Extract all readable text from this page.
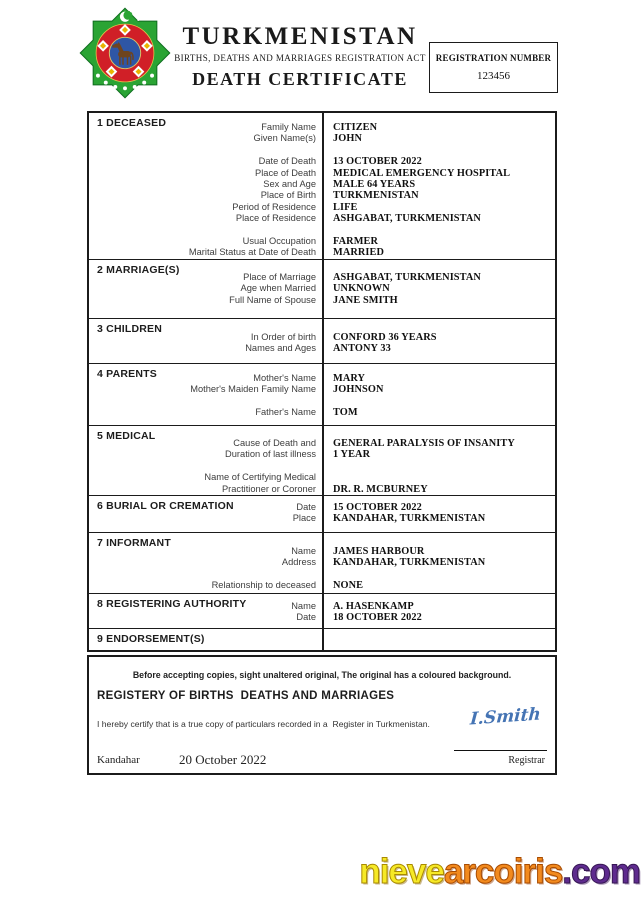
TURKMENISTAN
BIRTHS, DEATHS AND MARRIAGES REGISTRATION ACT
DEATH CERTIFICATE
REGISTRATION NUMBER
123456
1 DECEASED	Family Name	CITIZEN
Given Name(s)	JOHN
Date of Death	13 OCTOBER 2022
Place of Death	MEDICAL EMERGENCY HOSPITAL
Sex and Age	MALE 64 YEARS
Place of Birth	TURKMENISTAN
Period of Residence	LIFE
Place of Residence	ASHGABAT, TURKMENISTAN
Usual Occupation	FARMER
Marital Status at Date of Death	MARRIED
2 MARRIAGE(S)
Place of Marriage	ASHGABAT, TURKMENISTAN
Age when Married	UNKNOWN
Full Name of Spouse	JANE SMITH
3 CHILDREN
In Order of birth	CONFORD 36 YEARS
Names and Ages	ANTONY 33
4 PARENTS	Mother's Name	MARY
Mother's Maiden Family Name	JOHNSON
Father's Name	TOM
5 MEDICAL
Cause of Death and	GENERAL PARALYSIS OF INSANITY
Duration of last illness	1 YEAR
Name of Certifying Medical
Practitioner or Coroner	DR. R. MCBURNEY
6 BURIAL OR CREMATION	Date	15 OCTOBER 2022
Place	KANDAHAR, TURKMENISTAN
7 INFORMANT
Name	JAMES HARBOUR
Address	KANDAHAR, TURKMENISTAN
Relationship to deceased	NONE
8 REGISTERING AUTHORITY	Name	A. HASENKAMP
Date	18 OCTOBER 2022
9 ENDORSEMENT(S)
Before accepting copies, sight unaltered original, The original has a coloured background.
REGISTERY OF BIRTHS  DEATHS AND MARRIAGES
I hereby certify that is a true copy of particulars recorded in a  Register in Turkmenistan.	I.Smith
Registrar
Kandahar	20 October 2022
nievearcoiris.com
